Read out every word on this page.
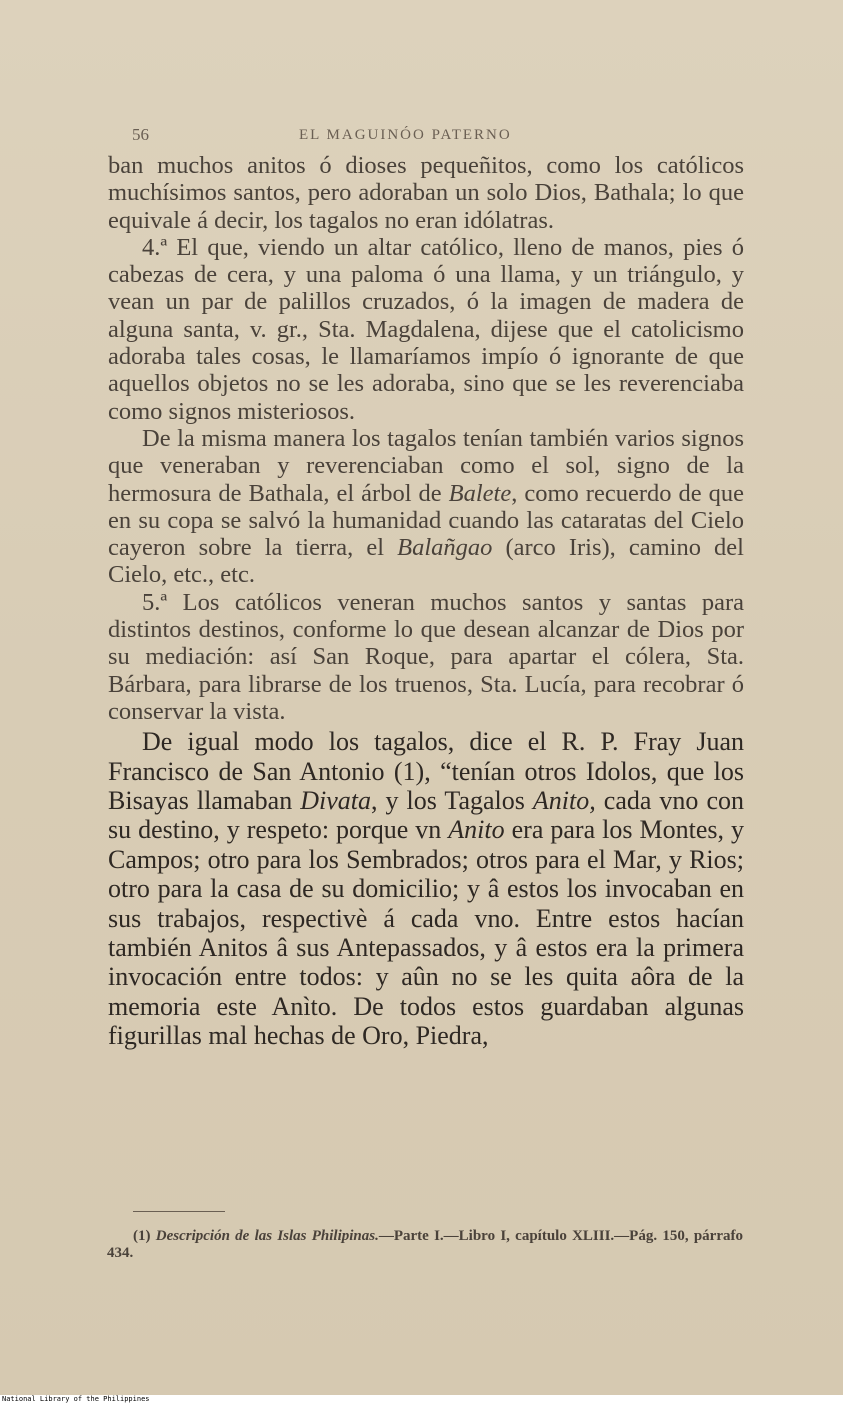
56	EL MAGUINÓO PATERNO

ban muchos anitos ó dioses pequeñitos, como los católicos muchísimos santos, pero adoraban un solo Dios, Bathala; lo que equivale á decir, los tagalos no eran idólatras.

4.ª El que, viendo un altar católico, lleno de manos, pies ó cabezas de cera, y una paloma ó una llama, y un triángulo, y vean un par de palillos cruzados, ó la imagen de madera de alguna santa, v. gr., Sta. Magdalena, dijese que el catolicismo adoraba tales cosas, le llamaríamos impío ó ignorante de que aquellos objetos no se les adoraba, sino que se les reverenciaba como signos misteriosos.

De la misma manera los tagalos tenían también varios signos que veneraban y reverenciaban como el sol, signo de la hermosura de Bathala, el árbol de Balete, como recuerdo de que en su copa se salvó la humanidad cuando las cataratas del Cielo cayeron sobre la tierra, el Balañgao (arco Iris), camino del Cielo, etc., etc.

5.ª Los católicos veneran muchos santos y santas para distintos destinos, conforme lo que desean alcanzar de Dios por su mediación: así San Roque, para apartar el cólera, Sta. Bárbara, para librarse de los truenos, Sta. Lucía, para recobrar ó conservar la vista.

De igual modo los tagalos, dice el R. P. Fray Juan Francisco de San Antonio (1), “tenían otros Idolos, que los Bisayas llamaban Divata, y los Tagalos Anito, cada vno con su destino, y respeto: porque vn Anito era para los Montes, y Campos; otro para los Sembrados; otros para el Mar, y Rios; otro para la casa de su domicilio; y â estos los invocaban en sus trabajos, respectivè á cada vno. Entre estos hacían también Anitos â sus Antepassados, y â estos era la primera invocación entre todos: y aûn no se les quita aôra de la memoria este Anìto. De todos estos guardaban algunas figurillas mal hechas de Oro, Piedra,

(1) Descripción de las Islas Philipinas.—Parte I.—Libro I, capítulo XLIII.—Pág. 150, párrafo 434.
National Library of the Philippines
